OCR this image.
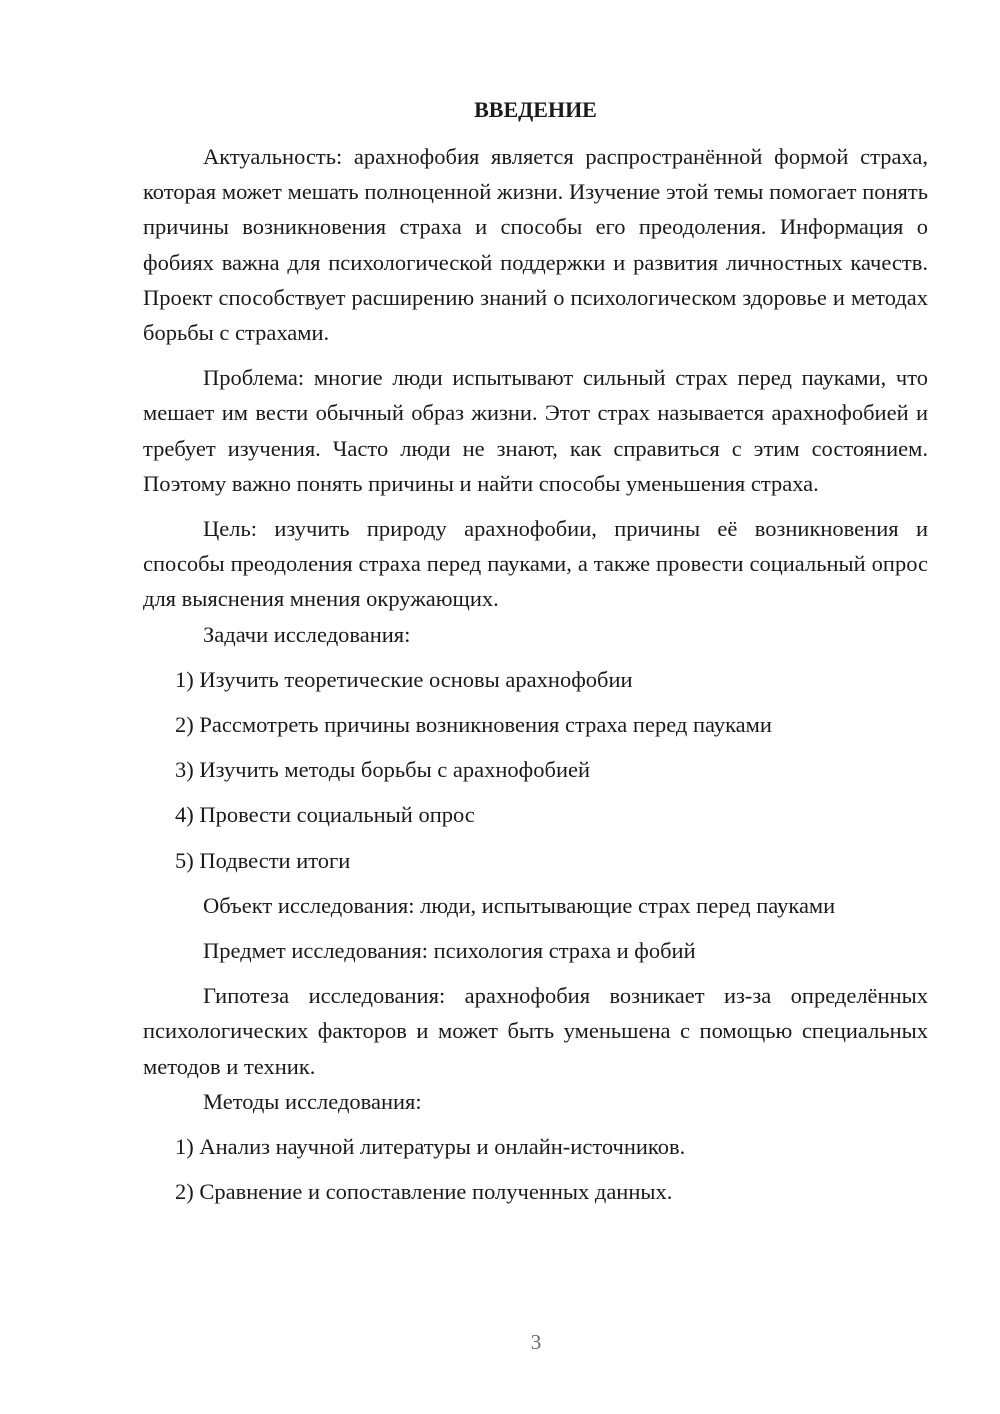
ВВЕДЕНИЕ

Актуальность: арахнофобия является распространённой формой страха, которая может мешать полноценной жизни. Изучение этой темы помогает понять причины возникновения страха и способы его преодоления. Информация о фобиях важна для психологической поддержки и развития личностных качеств. Проект способствует расширению знаний о психологическом здоровье и методах борьбы с страхами.

Проблема: многие люди испытывают сильный страх перед пауками, что мешает им вести обычный образ жизни. Этот страх называется арахнофобией и требует изучения. Часто люди не знают, как справиться с этим состоянием. Поэтому важно понять причины и найти способы уменьшения страха.

Цель: изучить природу арахнофобии, причины её возникновения и способы преодоления страха перед пауками, а также провести социальный опрос для выяснения мнения окружающих.

Задачи исследования:

1) Изучить теоретические основы арахнофобии

2) Рассмотреть причины возникновения страха перед пауками

3) Изучить методы борьбы с арахнофобией

4) Провести социальный опрос

5) Подвести итоги

Объект исследования: люди, испытывающие страх перед пауками

Предмет исследования: психология страха и фобий

Гипотеза исследования: арахнофобия возникает из-за определённых психологических факторов и может быть уменьшена с помощью специальных методов и техник.

Методы исследования:

1) Анализ научной литературы и онлайн-источников.

2) Сравнение и сопоставление полученных данных.

3
